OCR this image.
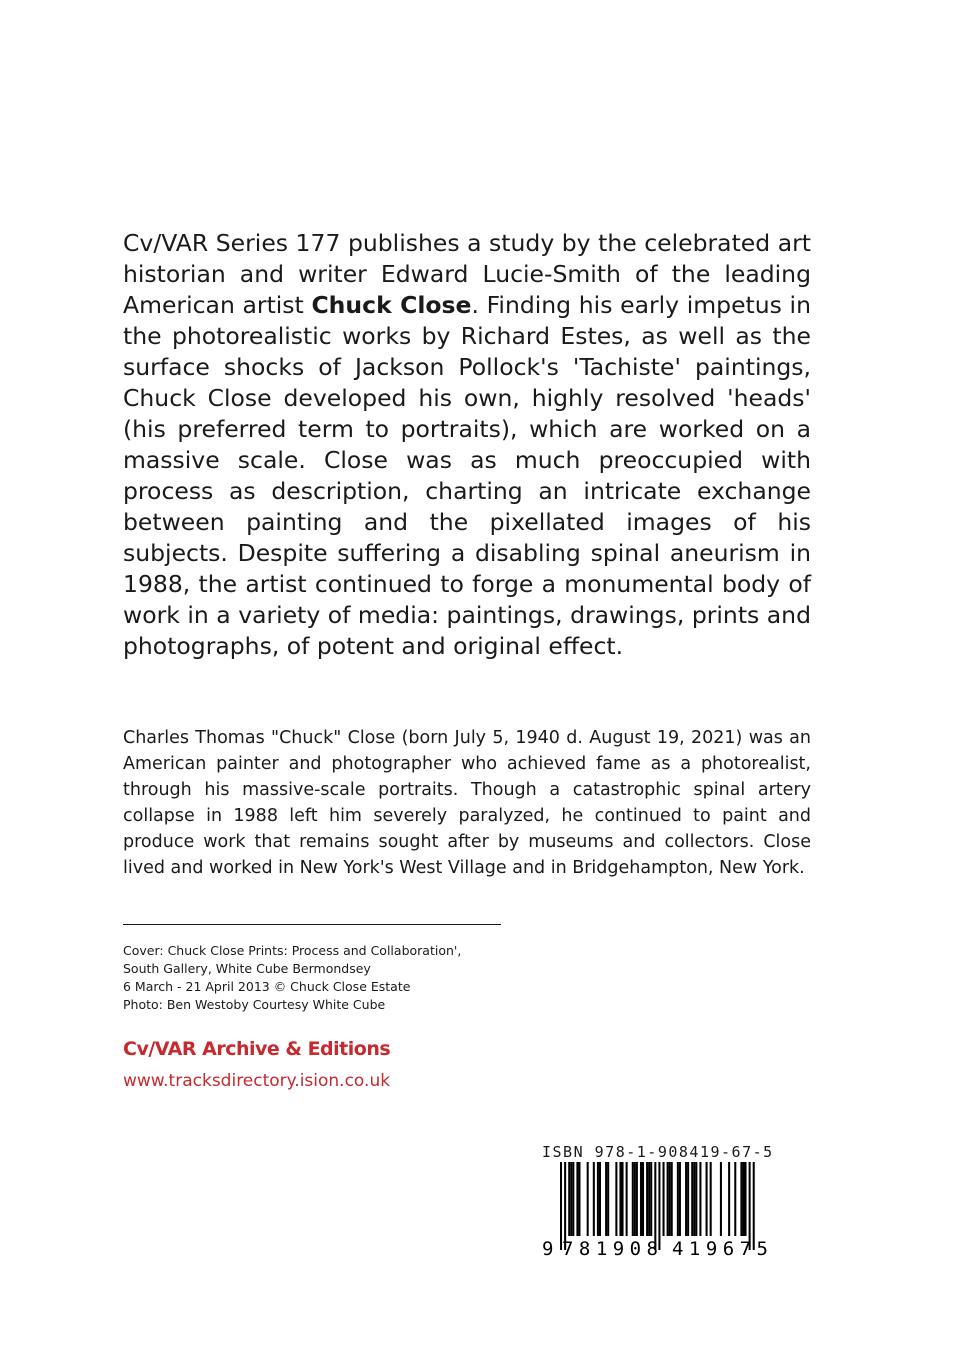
Cv/VAR Series 177 publishes a study by the celebrated art historian and writer Edward Lucie-Smith of the leading American artist Chuck Close. Finding his early impetus in the photorealistic works by Richard Estes, as well as the surface shocks of Jackson Pollock's 'Tachiste' paintings, Chuck Close developed his own, highly resolved 'heads' (his preferred term to portraits), which are worked on a massive scale. Close was as much preoccupied with process as description, charting an intricate exchange between painting and the pixellated images of his subjects. Despite suffering a disabling spinal aneurism in 1988, the artist continued to forge a monumental body of work in a variety of media: paintings, drawings, prints and photographs, of potent and original effect.

Charles Thomas "Chuck" Close (born July 5, 1940 d. August 19, 2021) was an American painter and photographer who achieved fame as a photorealist, through his massive-scale portraits. Though a catastrophic spinal artery collapse in 1988 left him severely paralyzed, he continued to paint and produce work that remains sought after by museums and collectors. Close lived and worked in New York's West Village and in Bridgehampton, New York.

Cover: Chuck Close Prints: Process and Collaboration',
South Gallery, White Cube Bermondsey
6 March - 21 April 2013 © Chuck Close Estate
Photo: Ben Westoby Courtesy White Cube

Cv/VAR Archive & Editions

www.tracksdirectory.ision.co.uk

ISBN 978-1-908419-67-5
9 781908 419675
